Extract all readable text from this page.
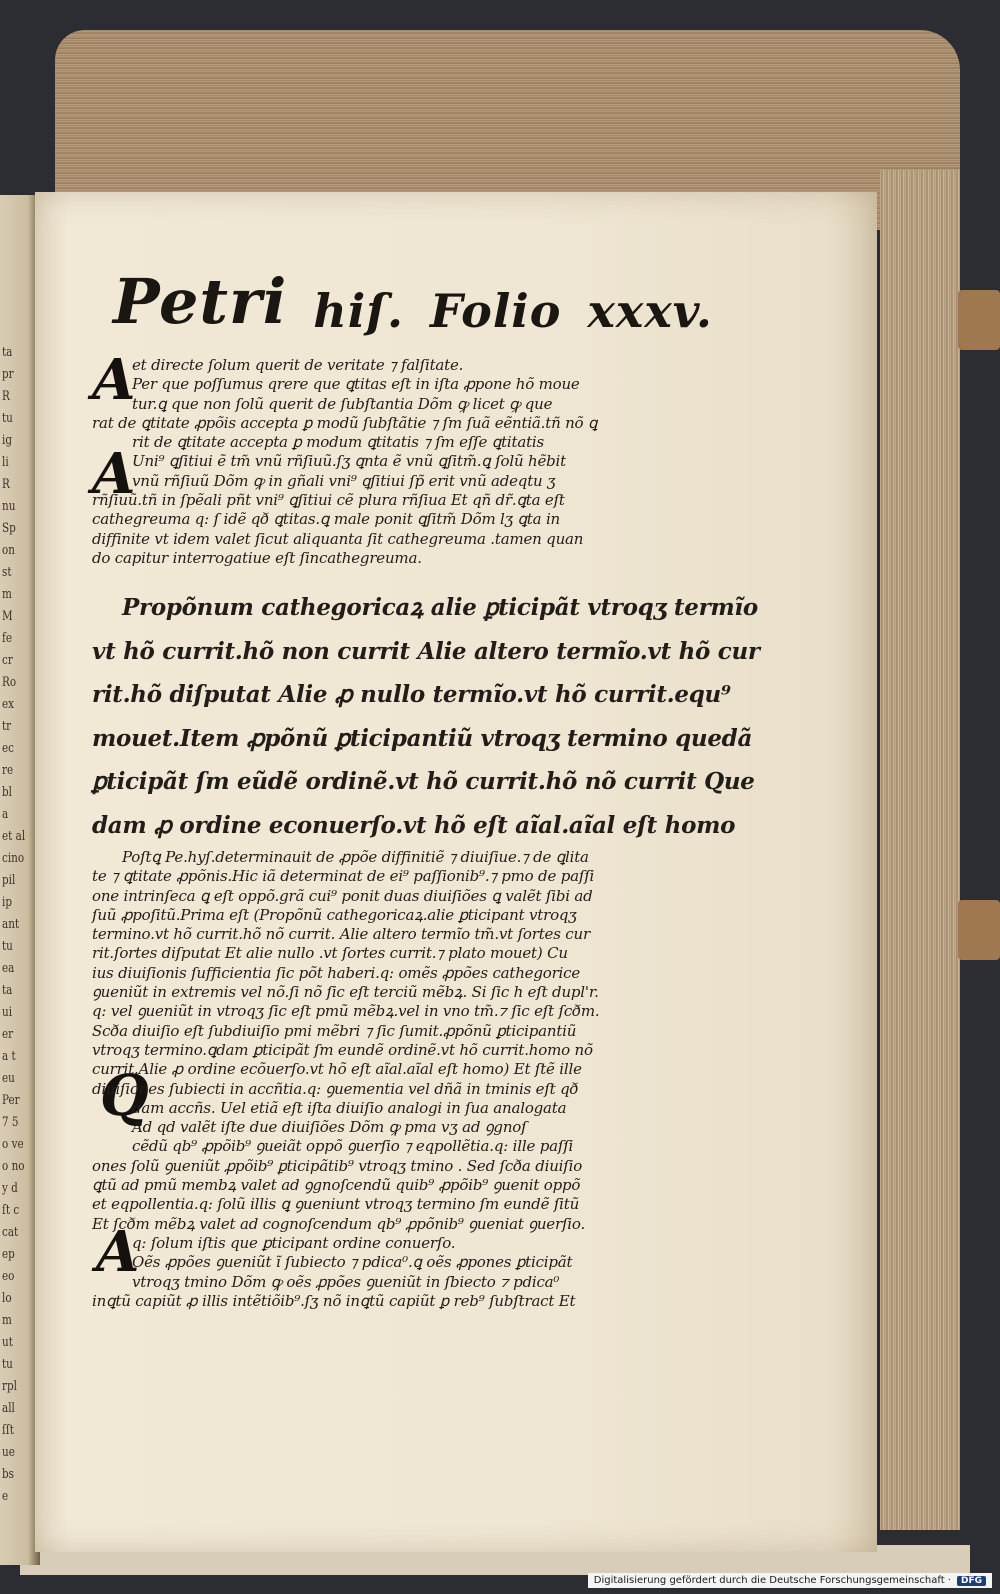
ta
pr
R
tu
ig
li
R
nu
Sp
on
st
m
M
fe
cr
Ro
ex
tr
ec
re
bl
a
et al
cino
pil
ip
ant
tu
ea
ta
ui
er
a t
eu
Per
7 5
o ve
o no
y d
ſt c
cat
ep
eo
lo
m
ut
tu
rpl
all
ſſt
ue
bs
e
Petri hiſ. Folio xxxv.
A
A
Q
A
et directe ſolum querit de veritate ⁊ falſitate.
Per que poſſumus qrere que ꝗtitas eſt in iſta ꝓpone hõ moue
tur.ꝗ que non ſolũ querit de ſubſtantia Dõm ꝙ licet ꝙ que
rat de ꝗtitate ꝓpõis accepta ꝑ modũ ſubſtãtie ⁊ ſm ſuã eẽntiã.tñ nõ ꝗ
rit de ꝗtitate accepta ꝑ modum ꝗtitatis ⁊ ſm eſſe ꝗtitatis
Uni⁹ ꝗſitiui ẽ tm̃ vnũ rñſiuũ.ſʒ ꝗnta ẽ vnũ ꝗſitm̃.ꝗ ſolũ hẽbit
vnũ rñſiuũ Dõm ꝙ in gñali vni⁹ ꝗſitiui ſp̃ erit vnũ adeqtu ʒ
rñſiuũ.tñ in ſpẽali pñt vni⁹ ꝗſitiui cẽ plura rñſiua Et qñ dr̃.ꝗta eſt
cathegreuma q: ſ idẽ qð ꝗtitas.ꝗ male ponit ꝗſitm̃ Dõm lʒ ꝗta in
diffinite vt idem valet ſicut aliquanta ſit cathegreuma .tamen quan
do capitur interrogatiue eſt ſincathegreuma.
Propõnum cathegoricaꝝ alie ꝑticipãt vtroqʒ termĩo
vt hõ currit.hõ non currit Alie altero termĩo.vt hõ cur
rit.hõ diſputat Alie ꝓ nullo termĩo.vt hõ currit.equ⁹
mouet.Item ꝓpõnũ ꝑticipantiũ vtroqʒ termino quedã
ꝑticipãt ſm eũdẽ ordinẽ.vt hõ currit.hõ nõ currit Que
dam ꝓ ordine econuerſo.vt hõ eſt aĩal.aĩal eſt homo
Poſtꝗ Pe.hyſ.determinauit de ꝓpõe diffinitiẽ ⁊ diuiſiue.⁊ de ꝗlita
te ⁊ ꝗtitate ꝓpõnis.Hic iã determinat de ei⁹ paſſionib⁹.⁊ pmo de paſſi
one intrinſeca ꝗ eſt oppõ.grã cui⁹ ponit duas diuiſiões ꝗ valẽt ſibi ad
ſuũ ꝓpoſitũ.Prima eſt (Propõnũ cathegoricaꝝ.alie ꝑticipant vtroqʒ
termino.vt hõ currit.hõ nõ currit. Alie altero termĩo tm̃.vt ſortes cur
rit.ſortes diſputat Et alie nullo .vt ſortes currit.⁊ plato mouet) Cu
ius diuiſionis ſufficientia ſic põt haberi.q: omẽs ꝓpões cathegorice
ꝯueniũt in extremis vel nõ.ſi nõ ſic eſt terciũ mẽbꝝ. Si ſic h eſt dupl'r.
q: vel ꝯueniũt in vtroqʒ ſic eſt pmũ mẽbꝝ.vel in vno tm̃.⁊ ſic eſt ſcðm.
Scða diuiſio eſt ſubdiuiſio pmi mẽbri ⁊ ſic ſumit.ꝓpõnũ ꝑticipantiũ
vtroqʒ termino.ꝗdam ꝑticipãt ſm eundẽ ordinẽ.vt hõ currit.homo nõ
currit.Alie ꝓ ordine ecõuerſo.vt hõ eſt aĩal.aĩal eſt homo) Et ſtẽ ille
diuiſiones ſubiecti in accñtia.q: ꝯuementia vel dñã in tminis eſt qð
dam accñs. Uel etiã eſt iſta diuiſio analogi in ſua analogata
Ad qd valẽt iſte due diuiſiões Dõm ꝙ pma vʒ ad ꝯgnoſ
cẽdũ qb⁹ ꝓpõib⁹ ꝯueiãt oppõ ꝯuerſio ⁊ eqpollẽtia.q: ille paſſi
ones ſolũ ꝯueniũt ꝓpõib⁹ ꝑticipãtib⁹ vtroqʒ tmino . Sed ſcða diuiſio
ꝗtũ ad pmũ membꝝ valet ad ꝯgnoſcendũ quib⁹ ꝓpõib⁹ ꝯuenit oppõ
et eqpollentia.q: ſolũ illis ꝗ ꝯueniunt vtroqʒ termino ſm eundẽ ſitũ
Et ſcðm mẽbꝝ valet ad cognoſcendum qb⁹ ꝓpõnib⁹ ꝯueniat ꝯuerſio.
q: ſolum iſtis que ꝑticipant ordine conuerſo.
Oẽs ꝓpões ꝯueniũt ĩ ſubiecto ⁊ pdica⁰.ꝗ oẽs ꝓpones ꝑticipãt
vtroqʒ tmino Dõm ꝙ oẽs ꝓpões ꝯueniũt in ſbiecto ⁊ pdica⁰
inꝗtũ capiũt ꝓ illis intẽtiõib⁹.ſʒ nõ inꝗtũ capiũt ꝑ reb⁹ ſubſtract Et
Digitalisierung gefördert durch die Deutsche Forschungsgemeinschaft ·	DFG
